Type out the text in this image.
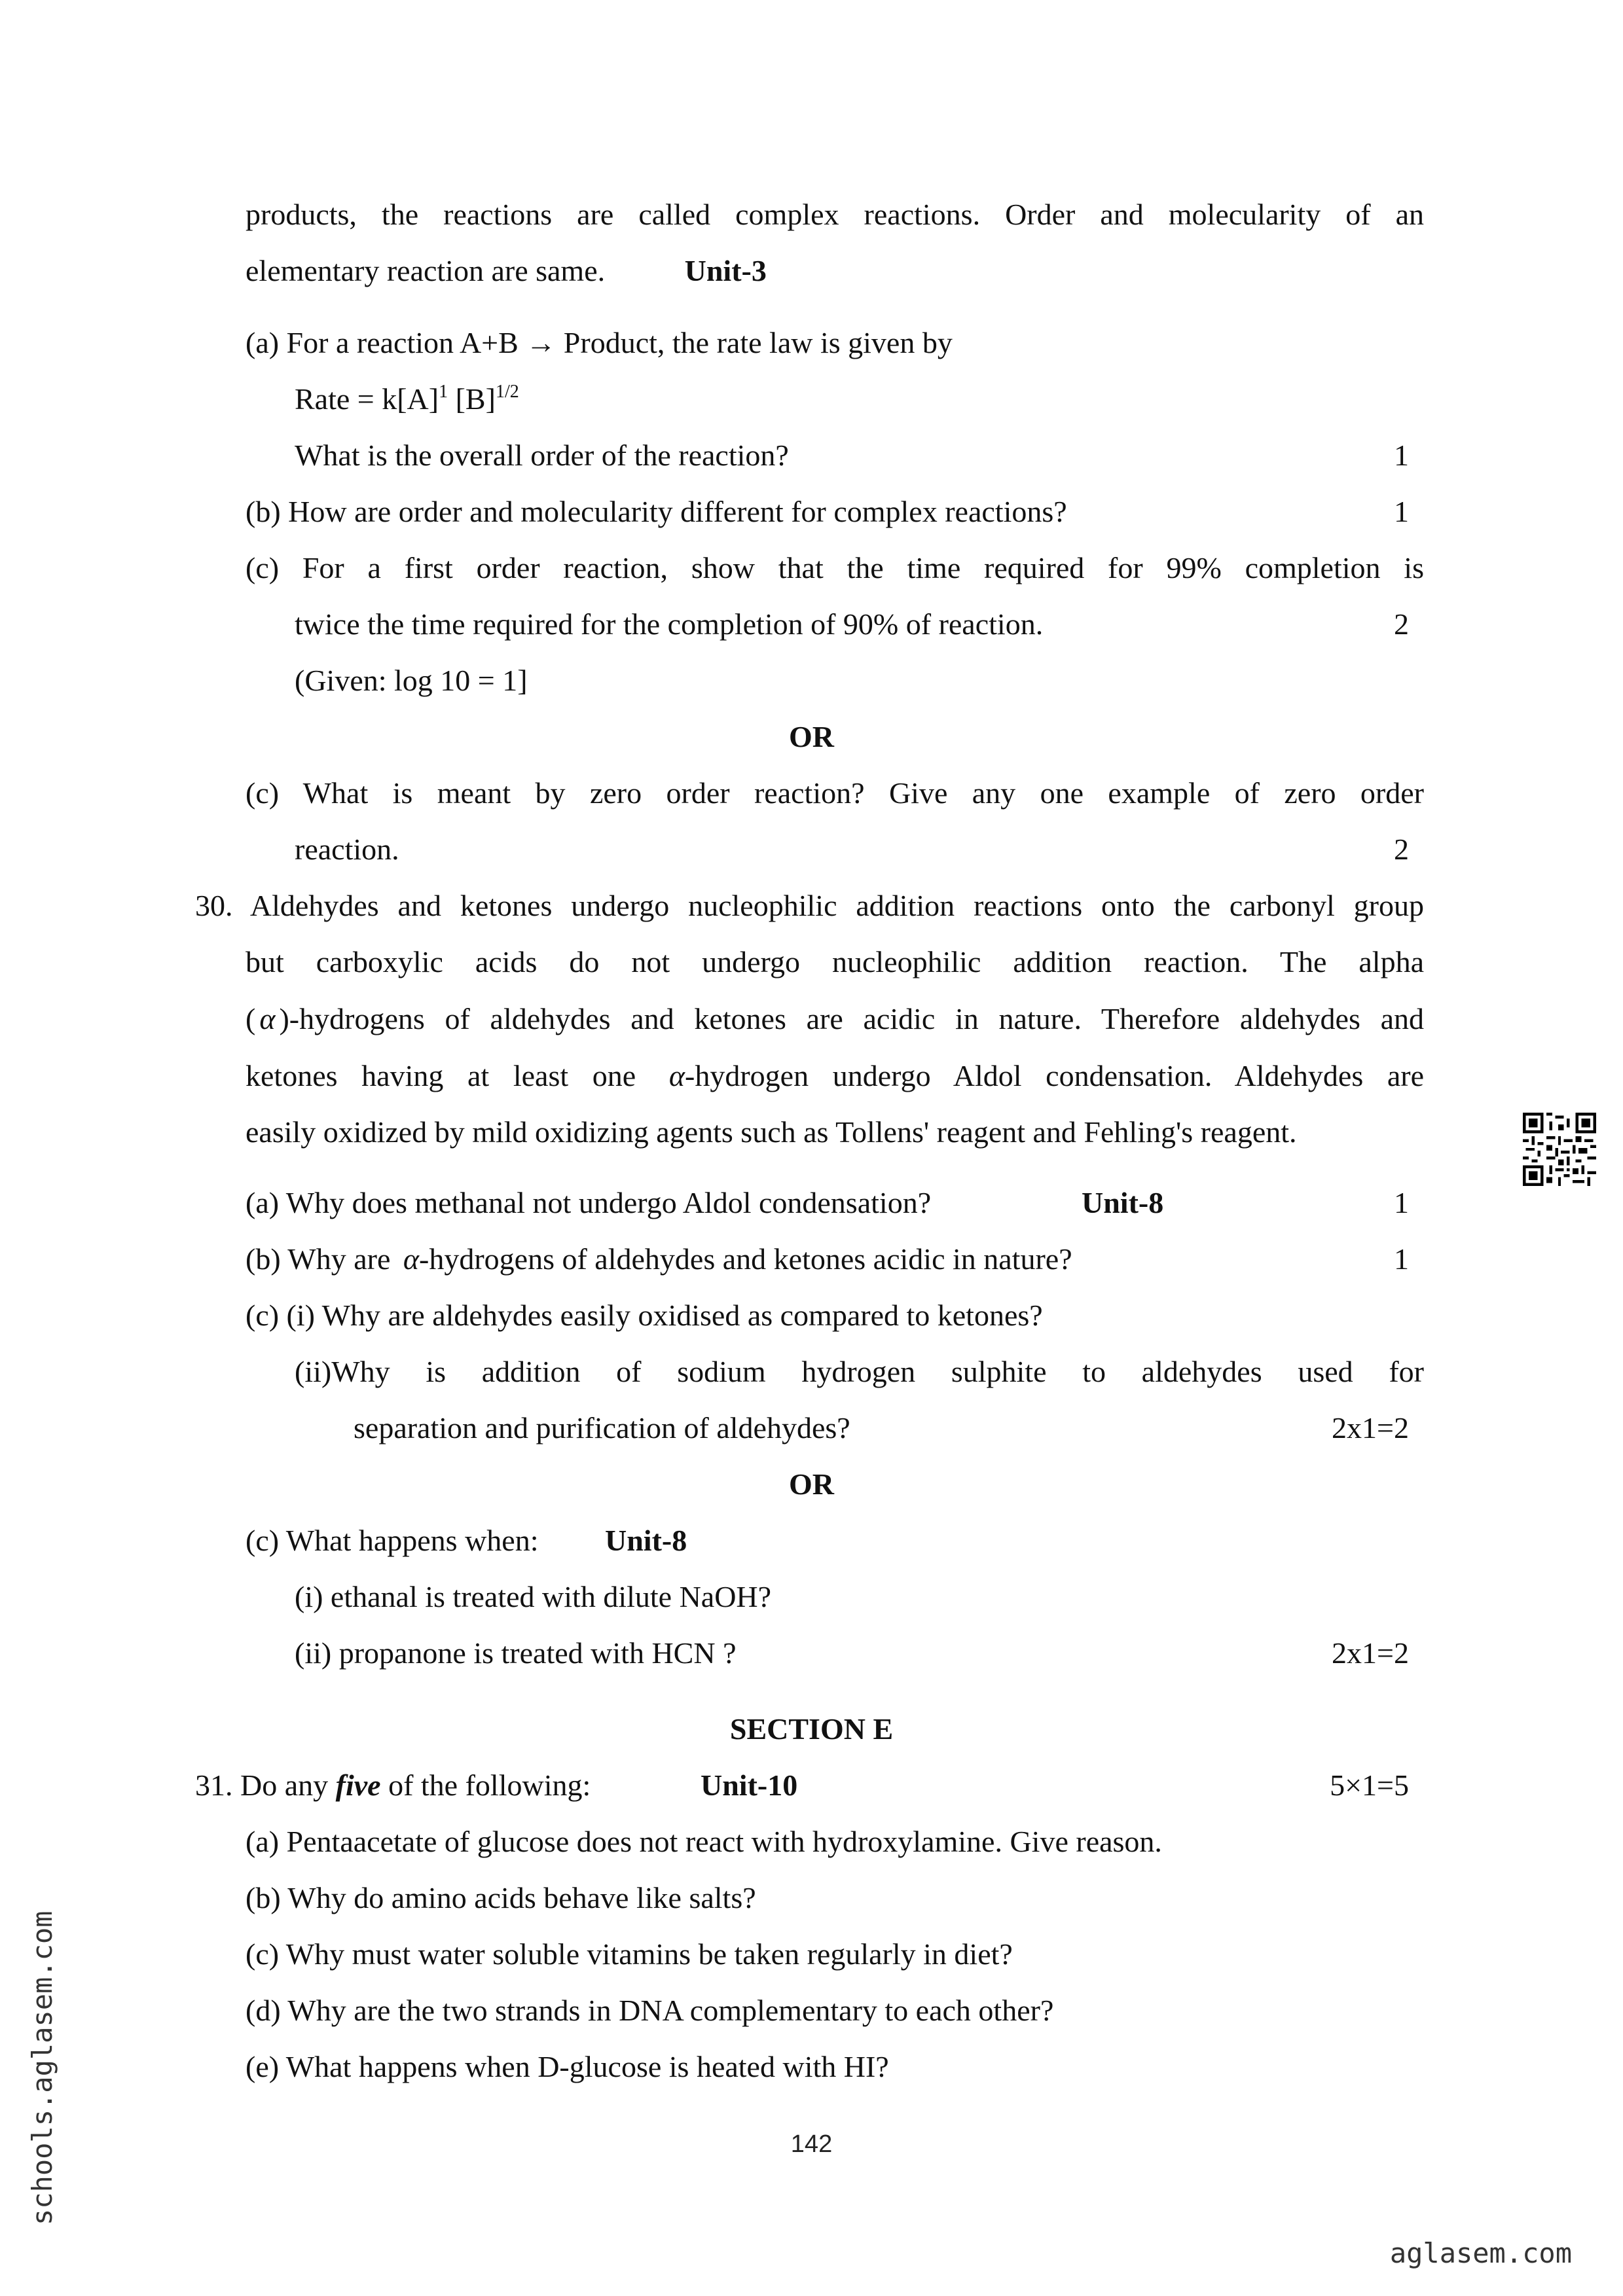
products, the reactions are called complex reactions. Order and molecularity of an
elementary reaction are same.	Unit-3
(a) For a reaction A+B → Product, the rate law is given by
Rate = $k[A]^1$ $[B]^{1/2}$
What is the overall order of the reaction?	1
(b) How are order and molecularity different for complex reactions?	1
(c) For a first order reaction, show that the time required for 99% completion is
twice the time required for the completion of 90% of reaction.	2
(Given: log 10 = 1]
OR
(c) What is meant by zero order reaction? Give any one example of zero order
reaction.	2
30. Aldehydes and ketones undergo nucleophilic addition reactions onto the carbonyl group
but carboxylic acids do not undergo nucleophilic addition reaction. The alpha
( α )-hydrogens of aldehydes and ketones are acidic in nature. Therefore aldehydes and
ketones having at least one α-hydrogen undergo Aldol condensation. Aldehydes are
easily oxidized by mild oxidizing agents such as Tollens' reagent and Fehling's reagent.
(a) Why does methanal not undergo Aldol condensation?	Unit-8	1
(b) Why are α-hydrogens of aldehydes and ketones acidic in nature?	1
(c) (i) Why are aldehydes easily oxidised as compared to ketones?
(ii)Why is addition of sodium hydrogen sulphite to aldehydes used for
separation and purification of aldehydes?	2x1=2
OR
(c) What happens when: Unit-8
(i) ethanal is treated with dilute NaOH?
(ii) propanone is treated with HCN ?	2x1=2
SECTION E
31. Do any five of the following:	Unit-10	5×1=5
(a) Pentaacetate of glucose does not react with hydroxylamine. Give reason.
(b) Why do amino acids behave like salts?
(c) Why must water soluble vitamins be taken regularly in diet?
(d) Why are the two strands in DNA complementary to each other?
(e) What happens when D-glucose is heated with HI?
142
aglasem.com
schools.aglasem.com
